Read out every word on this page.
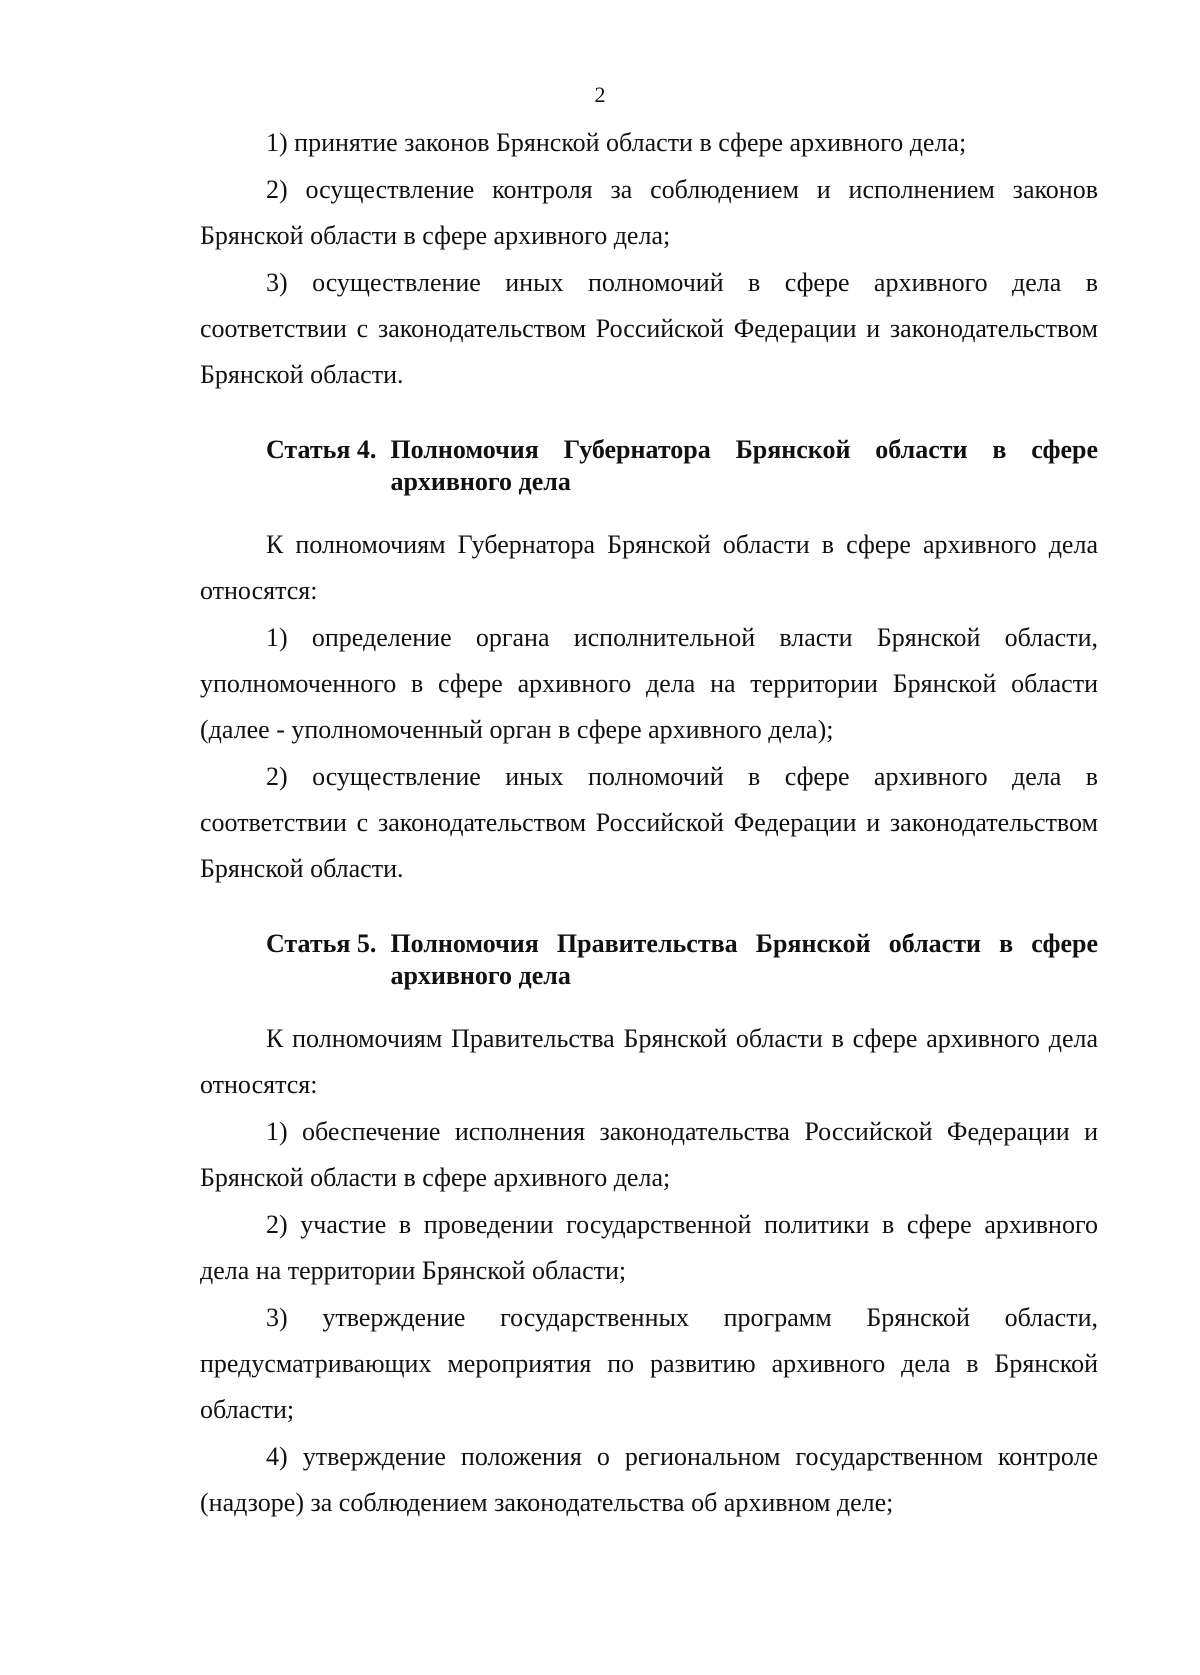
2

1) принятие законов Брянской области в сфере архивного дела;

2) осуществление контроля за соблюдением и исполнением законов Брянской области в сфере архивного дела;

3) осуществление иных полномочий в сфере архивного дела в соответствии с законодательством Российской Федерации и законодательством Брянской области.

Статья 4. Полномочия Губернатора Брянской области в сфере архивного дела

К полномочиям Губернатора Брянской области в сфере архивного дела относятся:

1) определение органа исполнительной власти Брянской области, уполномоченного в сфере архивного дела на территории Брянской области (далее - уполномоченный орган в сфере архивного дела);

2) осуществление иных полномочий в сфере архивного дела в соответствии с законодательством Российской Федерации и законодательством Брянской области.

Статья 5. Полномочия Правительства Брянской области в сфере архивного дела

К полномочиям Правительства Брянской области в сфере архивного дела относятся:

1) обеспечение исполнения законодательства Российской Федерации и Брянской области в сфере архивного дела;

2) участие в проведении государственной политики в сфере архивного дела на территории Брянской области;

3) утверждение государственных программ Брянской области, предусматривающих мероприятия по развитию архивного дела в Брянской области;

4) утверждение положения о региональном государственном контроле (надзоре) за соблюдением законодательства об архивном деле;
